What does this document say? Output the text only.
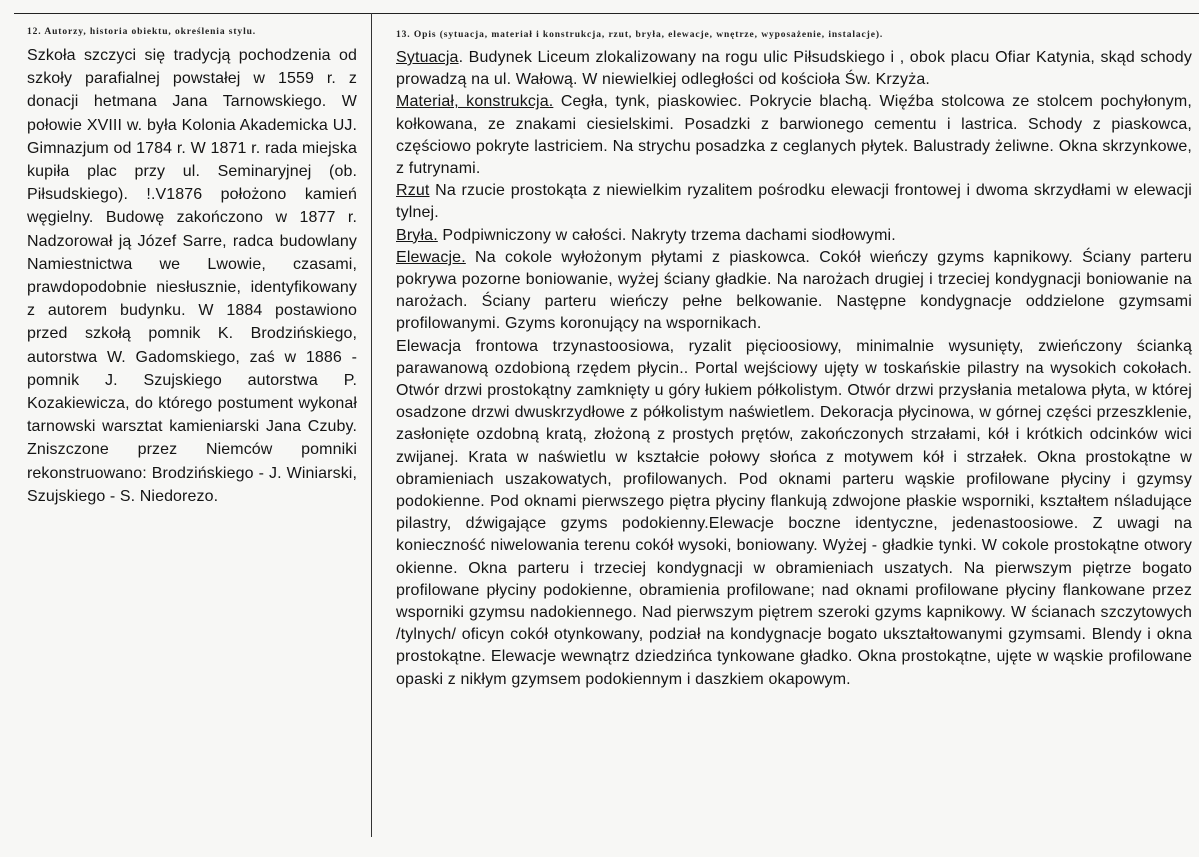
12. Autorzy, historia obiektu, określenia stylu.

Szkoła szczyci się tradycją pochodzenia od szkoły parafialnej powstałej w 1559 r. z donacji hetmana Jana Tarnowskiego. W połowie XVIII w. była Kolonia Akademicka UJ. Gimnazjum od 1784 r. W 1871 r. rada miejska kupiła plac przy ul. Seminaryjnej (ob. Piłsudskiego). !.V1876 położono kamień węgielny. Budowę zakończono w 1877 r. Nadzorował ją Józef Sarre, radca budowlany Namiestnictwa we Lwowie, czasami, prawdopodobnie niesłusznie, identyfikowany z autorem budynku. W 1884 postawiono przed szkołą pomnik K. Brodzińskiego, autorstwa W. Gadomskiego, zaś w 1886 - pomnik J. Szujskiego autorstwa P. Kozakiewicza, do którego postument wykonał tarnowski warsztat kamieniarski Jana Czuby. Zniszczone przez Niemców pomniki rekonstruowano: Brodzińskiego - J. Winiarski, Szujskiego - S. Niedorezo.

13. Opis (sytuacja, materiał i konstrukcja, rzut, bryła, elewacje, wnętrze, wyposażenie, instalacje).

Sytuacja. Budynek Liceum zlokalizowany na rogu ulic Piłsudskiego i , obok placu Ofiar Katynia, skąd schody prowadzą na ul. Wałową. W niewielkiej odległości od kościoła Św. Krzyża.

Materiał, konstrukcja. Cegła, tynk, piaskowiec. Pokrycie blachą. Więźba stolcowa ze stolcem pochyłonym, kołkowana, ze znakami ciesielskimi. Posadzki z barwionego cementu i lastrica. Schody z piaskowca, częściowo pokryte lastriciem. Na strychu posadzka z ceglanych płytek. Balustrady żeliwne. Okna skrzynkowe, z futrynami.

Rzut Na rzucie prostokąta z niewielkim ryzalitem pośrodku elewacji frontowej i dwoma skrzydłami w elewacji tylnej.

Bryła. Podpiwniczony w całości. Nakryty trzema dachami siodłowymi.

Elewacje. Na cokole wyłożonym płytami z piaskowca. Cokół wieńczy gzyms kapnikowy. Ściany parteru pokrywa pozorne boniowanie, wyżej ściany gładkie. Na narożach drugiej i trzeciej kondygnacji boniowanie na narożach. Ściany parteru wieńczy pełne belkowanie. Następne kondygnacje oddzielone gzymsami profilowanymi. Gzyms koronujący na wspornikach.

Elewacja frontowa trzynastoosiowa, ryzalit pięcioosiowy, minimalnie wysunięty, zwieńczony ścianką parawanową ozdobioną rzędem płycin.. Portal wejściowy ujęty w toskańskie pilastry na wysokich cokołach. Otwór drzwi prostokątny zamknięty u góry łukiem półkolistym. Otwór drzwi przysłania metalowa płyta, w której osadzone drzwi dwuskrzydłowe z półkolistym naświetlem. Dekoracja płycinowa, w górnej części przeszklenie, zasłonięte ozdobną kratą, złożoną z prostych prętów, zakończonych strzałami, kół i krótkich odcinków wici zwijanej. Krata w naświetlu w kształcie połowy słońca z motywem kół i strzałek. Okna prostokątne w obramieniach uszakowatych, profilowanych. Pod oknami parteru wąskie profilowane płyciny i gzymsy podokienne. Pod oknami pierwszego piętra płyciny flankują zdwojone płaskie wsporniki, kształtem nśladujące pilastry, dźwigające gzyms podokienny.Elewacje boczne identyczne, jedenastoosiowe. Z uwagi na konieczność niwelowania terenu cokół wysoki, boniowany. Wyżej - gładkie tynki. W cokole prostokątne otwory okienne. Okna parteru i trzeciej kondygnacji w obramieniach uszatych. Na pierwszym piętrze bogato profilowane płyciny podokienne, obramienia profilowane; nad oknami profilowane płyciny flankowane przez wsporniki gzymsu nadokiennego. Nad pierwszym piętrem szeroki gzyms kapnikowy. W ścianach szczytowych /tylnych/ oficyn cokół otynkowany, podział na kondygnacje bogato ukształtowanymi gzymsami. Blendy i okna prostokątne. Elewacje wewnątrz dziedzińca tynkowane gładko. Okna prostokątne, ujęte w wąskie profilowane opaski z nikłym gzymsem podokiennym i daszkiem okapowym.
